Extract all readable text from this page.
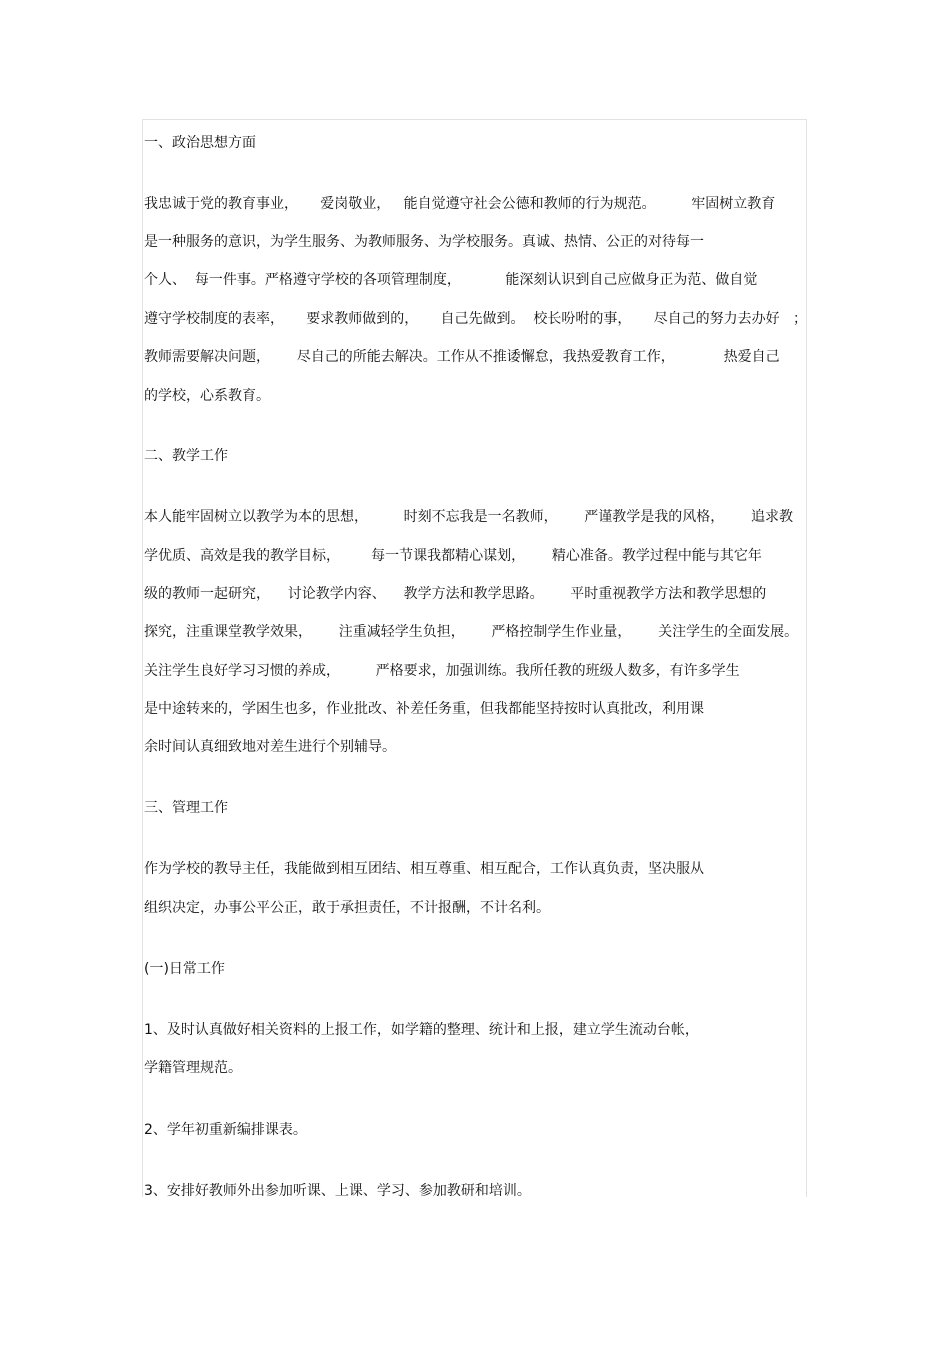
一、政治思想方面
我忠诚于党的教育事业，     爱岗敬业，   能自觉遵守社会公德和教师的行为规范。        牢固树立教育
是一种服务的意识，为学生服务、为教师服务、为学校服务。真诚、热情、公正的对待每一
个人、  每一件事。严格遵守学校的各项管理制度，          能深刻认识到自己应做身正为范、做自觉
遵守学校制度的表率，     要求教师做到的，     自己先做到。  校长吩咐的事，     尽自己的努力去办好   ；
教师需要解决问题，      尽自己的所能去解决。工作从不推诿懈怠，我热爱教育工作，           热爱自己
的学校，心系教育。
二、教学工作
本人能牢固树立以教学为本的思想，        时刻不忘我是一名教师，      严谨教学是我的风格，      追求教
学优质、高效是我的教学目标，       每一节课我都精心谋划，      精心准备。教学过程中能与其它年
级的教师一起研究，    讨论教学内容、    教学方法和教学思路。      平时重视教学方法和教学思想的
探究，注重课堂教学效果，      注重减轻学生负担，      严格控制学生作业量，      关注学生的全面发展。
关注学生良好学习习惯的养成，        严格要求，加强训练。我所任教的班级人数多，有许多学生
是中途转来的，学困生也多，作业批改、补差任务重，但我都能坚持按时认真批改，利用课
余时间认真细致地对差生进行个别辅导。
三、管理工作
作为学校的教导主任，我能做到相互团结、相互尊重、相互配合，工作认真负责，坚决服从
组织决定，办事公平公正，敢于承担责任，不计报酬，不计名利。
(一)日常工作
1、及时认真做好相关资料的上报工作，如学籍的整理、统计和上报，建立学生流动台帐，
学籍管理规范。
2、学年初重新编排课表。
3、安排好教师外出参加听课、上课、学习、参加教研和培训。
